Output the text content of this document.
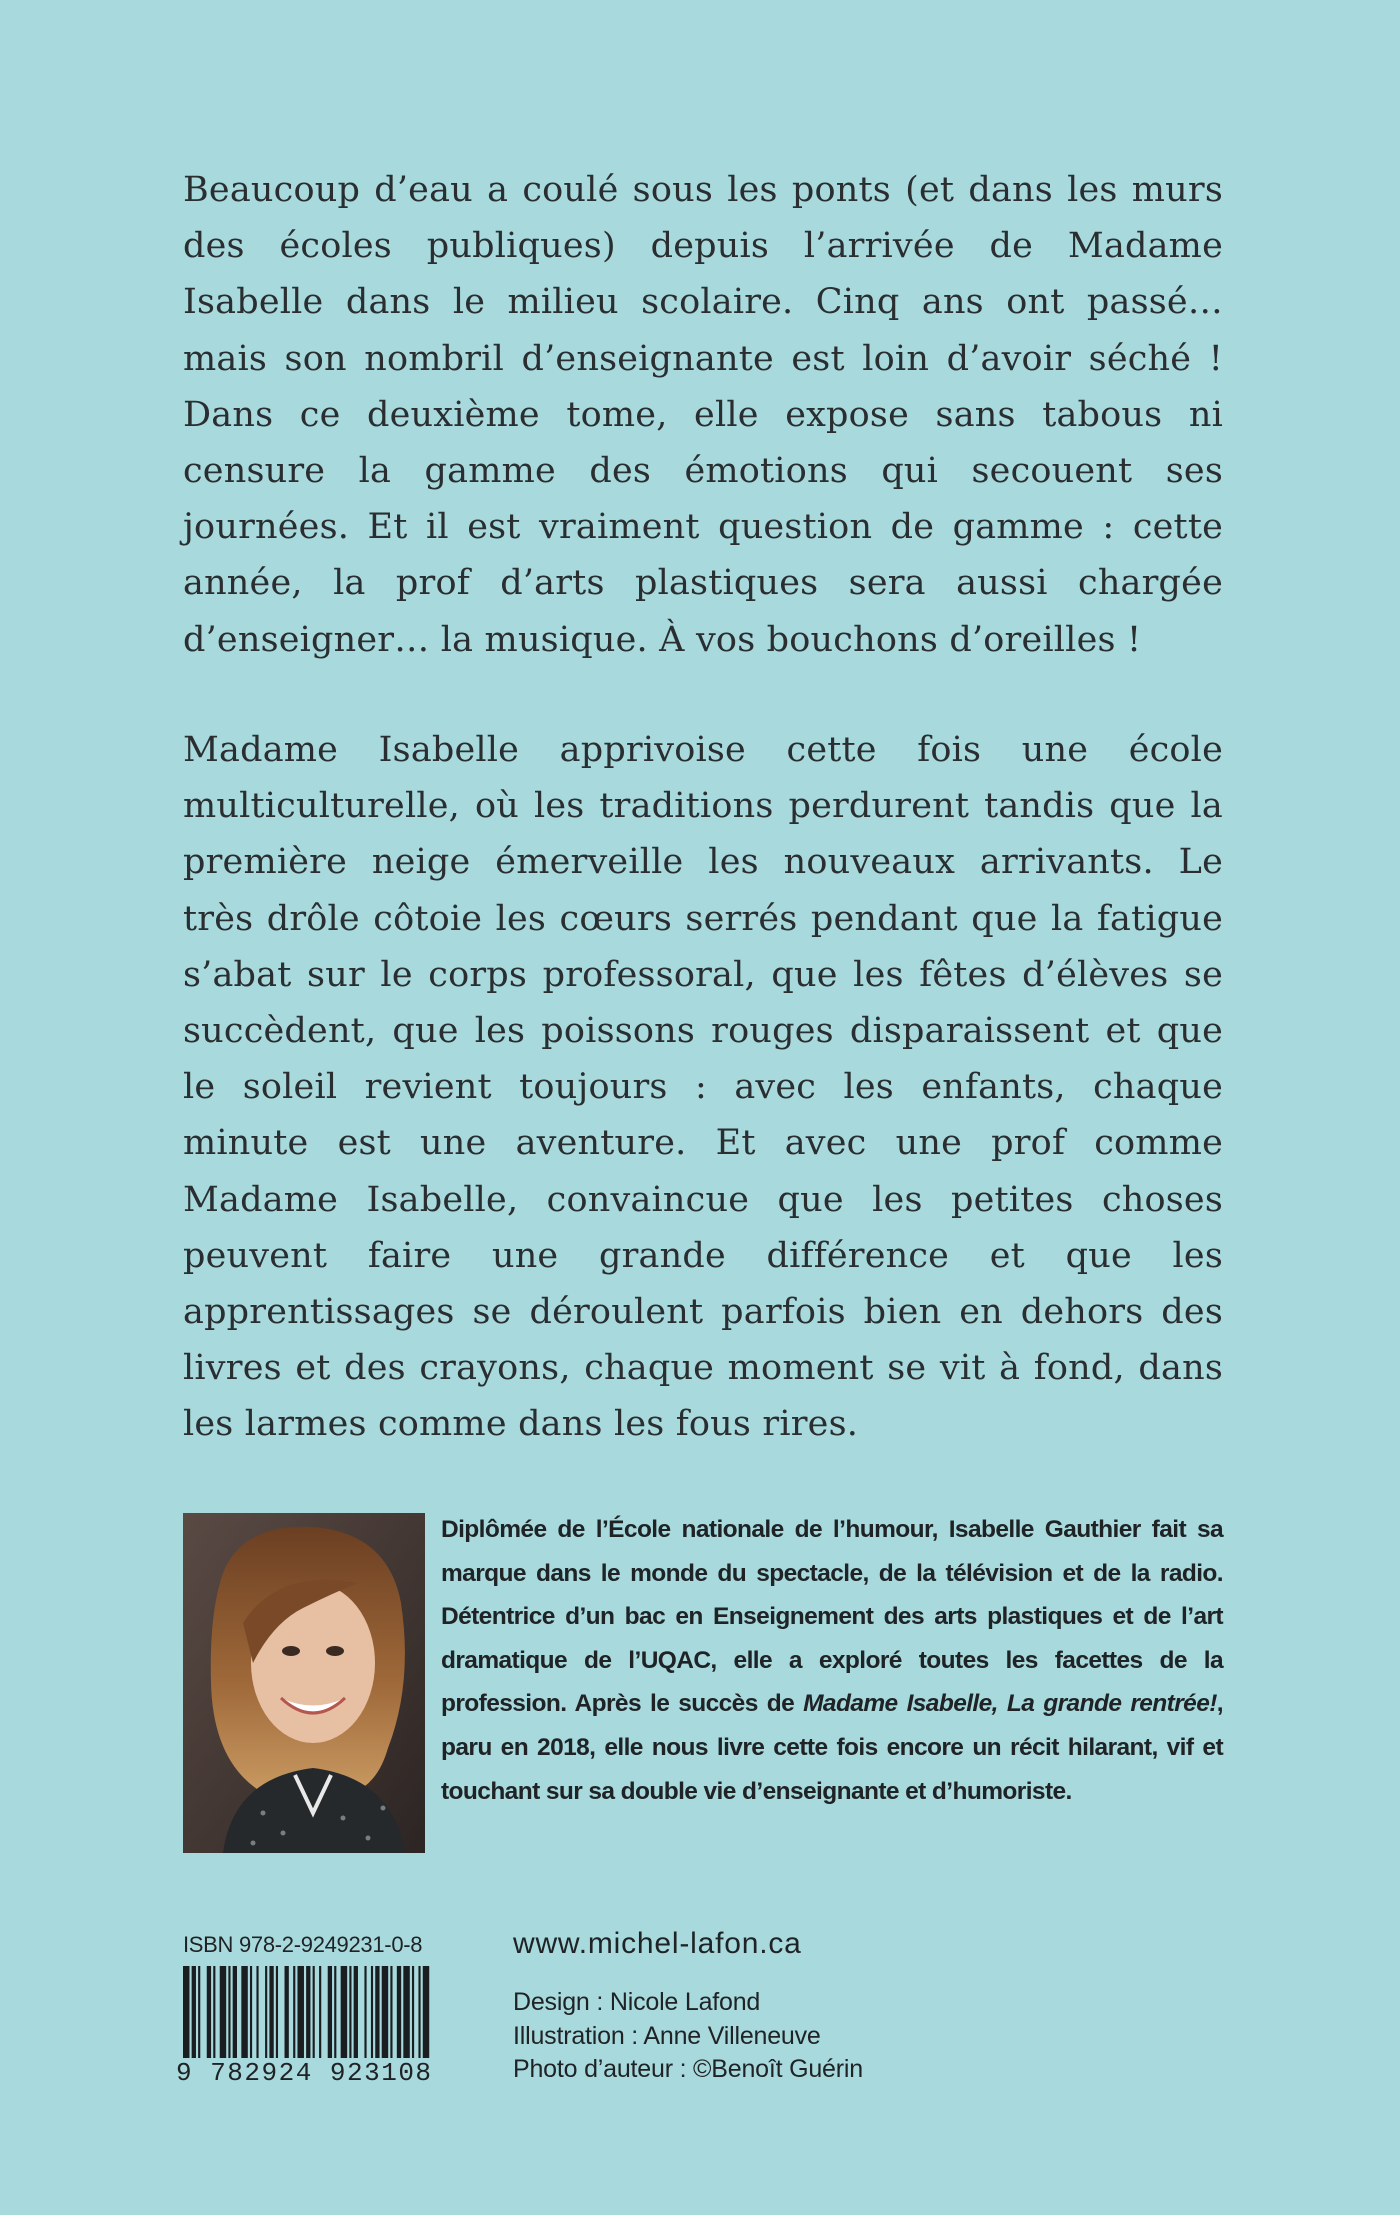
Beaucoup d’eau a coulé sous les ponts (et dans les murs des écoles publiques) depuis l’arrivée de Madame Isabelle dans le milieu scolaire. Cinq ans ont passé… mais son nombril d’enseignante est loin d’avoir séché ! Dans ce deuxième tome, elle expose sans tabous ni censure la gamme des émotions qui secouent ses journées. Et il est vraiment question de gamme : cette année, la prof d’arts plastiques sera aussi chargée d’enseigner… la musique. À vos bouchons d’oreilles !

Madame Isabelle apprivoise cette fois une école multiculturelle, où les traditions perdurent tandis que la première neige émerveille les nouveaux arrivants. Le très drôle côtoie les cœurs serrés pendant que la fatigue s’abat sur le corps professoral, que les fêtes d’élèves se succèdent, que les poissons rouges disparaissent et que le soleil revient toujours : avec les enfants, chaque minute est une aventure. Et avec une prof comme Madame Isabelle, convaincue que les petites choses peuvent faire une grande différence et que les apprentissages se déroulent parfois bien en dehors des livres et des crayons, chaque moment se vit à fond, dans les larmes comme dans les fous rires.

Diplômée de l’École nationale de l’humour, Isabelle Gauthier fait sa marque dans le monde du spectacle, de la télévision et de la radio. Détentrice d’un bac en Enseignement des arts plastiques et de l’art dramatique de l’UQAC, elle a exploré toutes les facettes de la profession. Après le succès de Madame Isabelle, La grande rentrée!, paru en 2018, elle nous livre cette fois encore un récit hilarant, vif et touchant sur sa double vie d’enseignante et d’humoriste.

ISBN 978-2-9249231-0-8
9 782924 923108
www.michel-lafon.ca
Design : Nicole Lafond
Illustration : Anne Villeneuve
Photo d’auteur : ©Benoît Guérin
